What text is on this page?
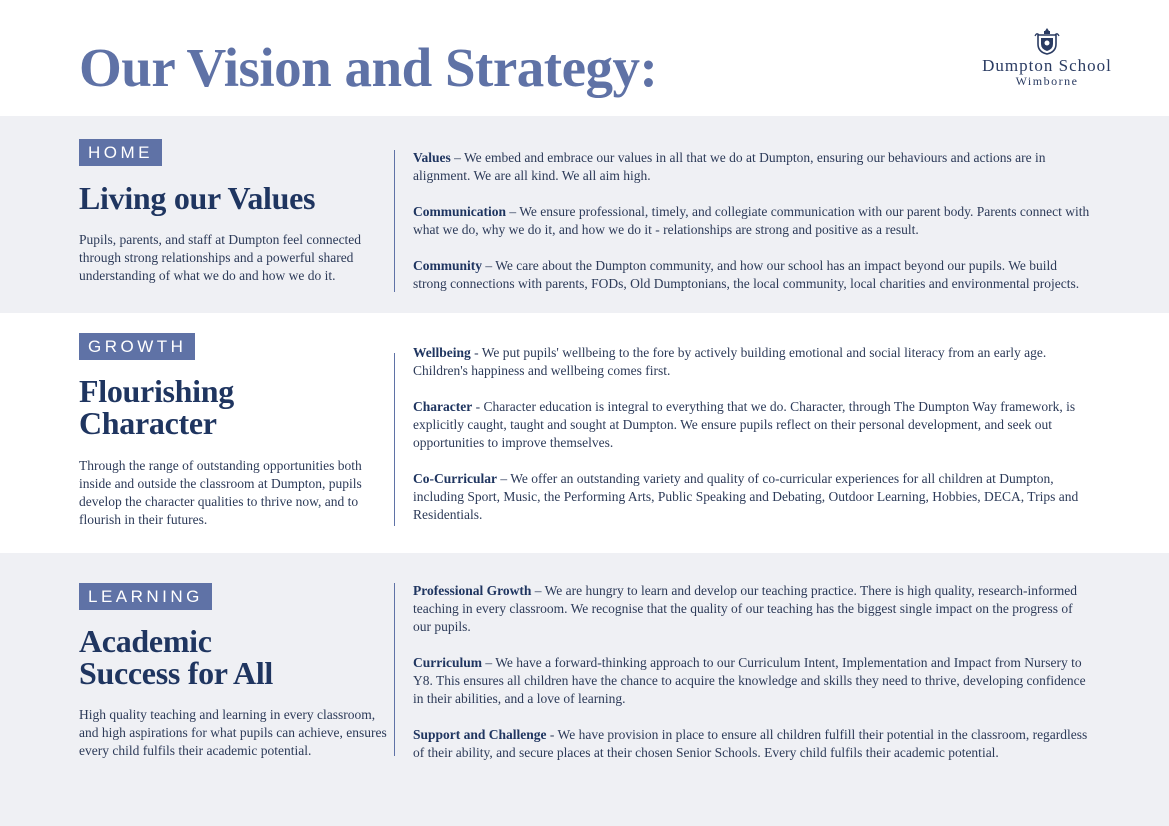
Our Vision and Strategy:	Dumpton School
Wimborne
HOME
Living our Values
Pupils, parents, and staff at Dumpton feel connected through strong relationships and a powerful shared understanding of what we do and how we do it.

Values – We embed and embrace our values in all that we do at Dumpton, ensuring our behaviours and actions are in alignment. We are all kind. We all aim high.

Communication – We ensure professional, timely, and collegiate communication with our parent body. Parents connect with what we do, why we do it, and how we do it - relationships are strong and positive as a result.

Community – We care about the Dumpton community, and how our school has an impact beyond our pupils. We build strong connections with parents, FODs, Old Dumptonians, the local community, local charities and environmental projects.

GROWTH
Flourishing
Character
Through the range of outstanding opportunities both inside and outside the classroom at Dumpton, pupils develop the character qualities to thrive now, and to flourish in their futures.

Wellbeing - We put pupils' wellbeing to the fore by actively building emotional and social literacy from an early age. Children's happiness and wellbeing comes first.

Character - Character education is integral to everything that we do. Character, through The Dumpton Way framework, is explicitly caught, taught and sought at Dumpton. We ensure pupils reflect on their personal development, and seek out opportunities to improve themselves.

Co-Curricular – We offer an outstanding variety and quality of co-curricular experiences for all children at Dumpton, including Sport, Music, the Performing Arts, Public Speaking and Debating, Outdoor Learning, Hobbies, DECA, Trips and Residentials.

LEARNING
Academic
Success for All
High quality teaching and learning in every classroom, and high aspirations for what pupils can achieve, ensures every child fulfils their academic potential.

Professional Growth – We are hungry to learn and develop our teaching practice. There is high quality, research-informed teaching in every classroom. We recognise that the quality of our teaching has the biggest single impact on the progress of our pupils.

Curriculum – We have a forward-thinking approach to our Curriculum Intent, Implementation and Impact from Nursery to Y8. This ensures all children have the chance to acquire the knowledge and skills they need to thrive, developing confidence in their abilities, and a love of learning.

Support and Challenge - We have provision in place to ensure all children fulfill their potential in the classroom, regardless of their ability, and secure places at their chosen Senior Schools. Every child fulfils their academic potential.
